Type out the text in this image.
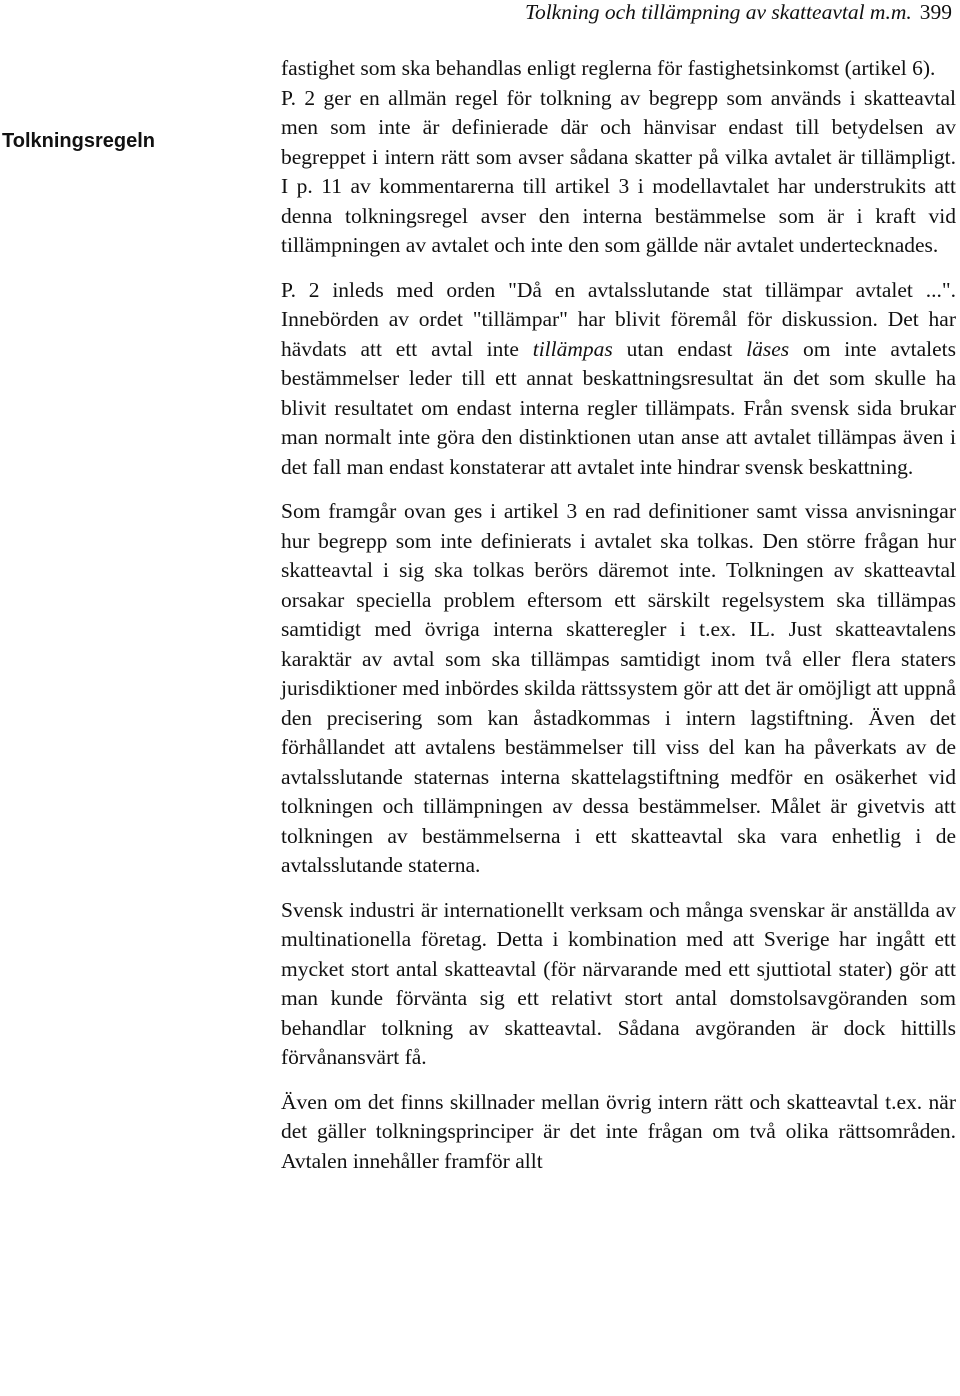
Tolkning och tillämpning av skatteavtal m.m. 399
Tolkningsregeln

fastighet som ska behandlas enligt reglerna för fastighetsinkomst (artikel 6).

P. 2 ger en allmän regel för tolkning av begrepp som används i skatteavtal men som inte är definierade där och hänvisar endast till betydelsen av begreppet i intern rätt som avser sådana skatter på vilka avtalet är tillämpligt. I p. 11 av kommentarerna till artikel 3 i modellavtalet har understrukits att denna tolkningsregel avser den interna bestämmelse som är i kraft vid tillämpningen av avtalet och inte den som gällde när avtalet undertecknades.

P. 2 inleds med orden "Då en avtalsslutande stat tillämpar avtalet ...". Innebörden av ordet "tillämpar" har blivit föremål för diskussion. Det har hävdats att ett avtal inte tillämpas utan endast läses om inte avtalets bestämmelser leder till ett annat beskattningsresultat än det som skulle ha blivit resultatet om endast interna regler tillämpats. Från svensk sida brukar man normalt inte göra den distinktionen utan anse att avtalet tillämpas även i det fall man endast konstaterar att avtalet inte hindrar svensk beskattning.

Som framgår ovan ges i artikel 3 en rad definitioner samt vissa anvisningar hur begrepp som inte definierats i avtalet ska tolkas. Den större frågan hur skatteavtal i sig ska tolkas berörs däremot inte. Tolkningen av skatteavtal orsakar speciella problem eftersom ett särskilt regelsystem ska tillämpas samtidigt med övriga interna skatteregler i t.ex. IL. Just skatteavtalens karaktär av avtal som ska tillämpas samtidigt inom två eller flera staters jurisdiktioner med inbördes skilda rättssystem gör att det är omöjligt att uppnå den precisering som kan åstadkommas i intern lagstiftning. Även det förhållandet att avtalens bestämmelser till viss del kan ha påverkats av de avtalsslutande staternas interna skattelagstiftning medför en osäkerhet vid tolkningen och tillämpningen av dessa bestämmelser. Målet är givetvis att tolkningen av bestämmelserna i ett skatteavtal ska vara enhetlig i de avtalsslutande staterna.

Svensk industri är internationellt verksam och många svenskar är anställda av multinationella företag. Detta i kombination med att Sverige har ingått ett mycket stort antal skatteavtal (för närvarande med ett sjuttiotal stater) gör att man kunde förvänta sig ett relativt stort antal domstolsavgöranden som behandlar tolkning av skatteavtal. Sådana avgöranden är dock hittills förvånansvärt få.

Även om det finns skillnader mellan övrig intern rätt och skatteavtal t.ex. när det gäller tolkningsprinciper är det inte frågan om två olika rättsområden. Avtalen innehåller framför allt
